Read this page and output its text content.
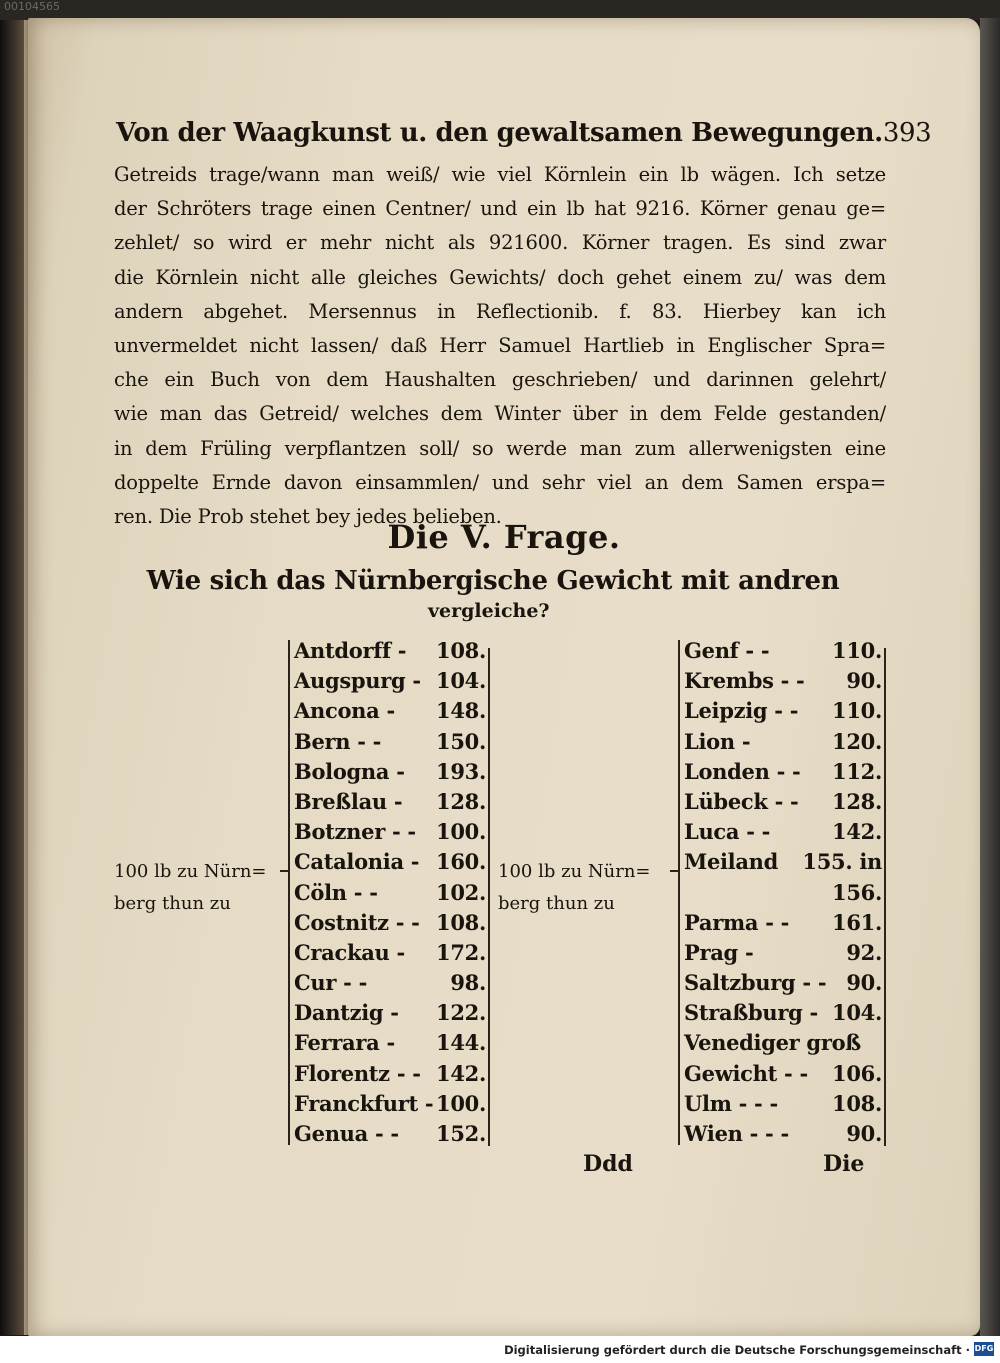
00104565
Von der Waagkunst u. den gewaltsamen Bewegungen. 393
Getreids trage/wann man weiß/ wie viel Körnlein ein lb wägen. Ich setze
der Schröters trage einen Centner/ und ein lb hat 9216. Körner genau ge=
zehlet/ so wird er mehr nicht als 921600. Körner tragen. Es sind zwar
die Körnlein nicht alle gleiches Gewichts/ doch gehet einem zu/ was dem
andern abgehet. Mersennus in Reflectionib. f. 83. Hierbey kan ich
unvermeldet nicht lassen/ daß Herr Samuel Hartlieb in Englischer Spra=
che ein Buch von dem Haushalten geschrieben/ und darinnen gelehrt/
wie man das Getreid/ welches dem Winter über in dem Felde gestanden/
in dem Früling verpflantzen soll/ so werde man zum allerwenigsten eine
doppelte Ernde davon einsammlen/ und sehr viel an dem Samen erspa=
ren. Die Prob stehet bey jedes belieben.
Die V. Frage.
Wie sich das Nürnbergische Gewicht mit andren
vergleiche?
100 lb zu Nürn=
berg thun zu
100 lb zu Nürn=
berg thun zu
Antdorff - 108.
Augspurg - 104.
Ancona - 148.
Bern - -	150.
Bologna - 193.
Breßlau - 128.
Botzner - - 100.
Catalonia - 160.
Cöln - -	102.
Costnitz - - 108.
Crackau - 172.
Cur - -	98.
Dantzig - 122.
Ferrara - 144.
Florentz - - 142.
Franckfurt - 100.
Genua - - 152.
Genf - -	110.
Krembs - - 90.
Leipzig - - 110.
Lion -	120.
Londen - - 112.
Lübeck - - 128.
Luca - -	142.
Meiland 155. in
156.
Parma - - 161.
Prag -	92.
Saltzburg - - 90.
Straßburg - 104.
Venediger groß
Gewicht - - 106.
Ulm - - -	108.
Wien - - -	90.
Ddd	Die
Digitalisierung gefördert durch die Deutsche Forschungsgemeinschaft · DFG
